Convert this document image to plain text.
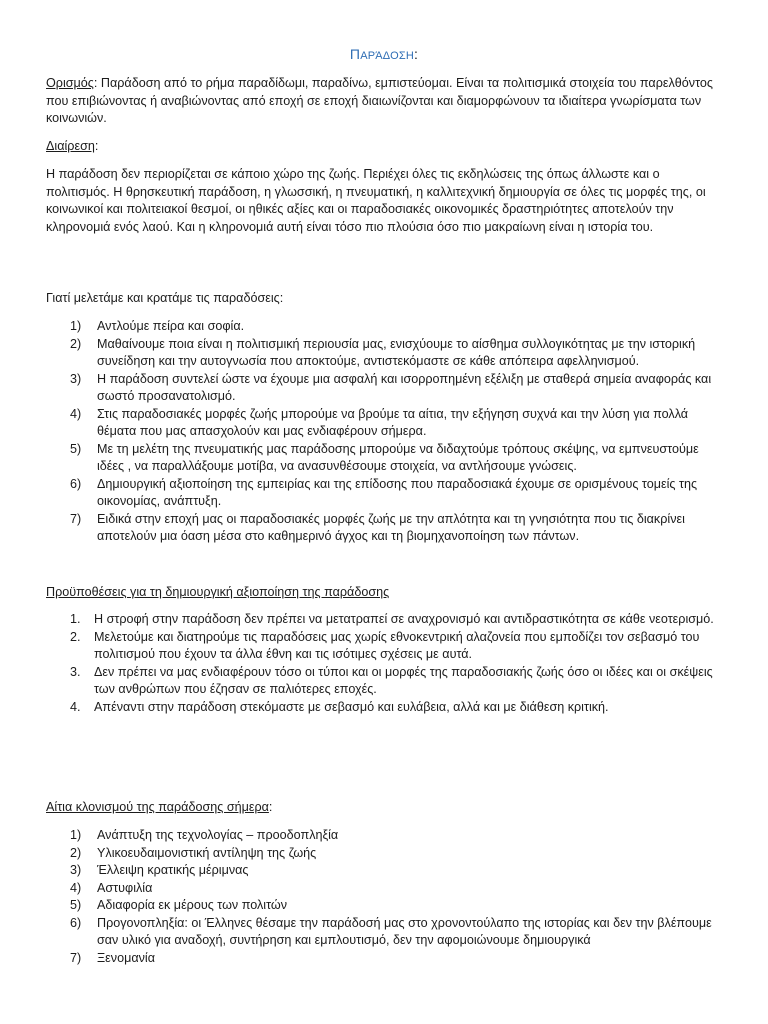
ΠΑΡΆΔΟΣΗ:

Ορισμός: Παράδοση από το ρήμα παραδίδωμι, παραδίνω, εμπιστεύομαι. Είναι τα πολιτισμικά στοιχεία του παρελθόντος που επιβιώνοντας ή αναβιώνοντας από εποχή σε εποχή διαιωνίζονται και διαμορφώνουν τα ιδιαίτερα γνωρίσματα των κοινωνιών.

Διαίρεση:

Η παράδοση δεν περιορίζεται σε κάποιο χώρο της ζωής. Περιέχει όλες τις εκδηλώσεις της όπως άλλωστε και ο πολιτισμός. Η θρησκευτική παράδοση, η γλωσσική, η πνευματική, η καλλιτεχνική δημιουργία σε όλες τις μορφές της, οι κοινωνικοί και πολιτειακοί θεσμοί, οι ηθικές αξίες και οι παραδοσιακές οικονομικές δραστηριότητες αποτελούν την κληρονομιά ενός λαού. Και η κληρονομιά αυτή είναι τόσο πιο πλούσια όσο πιο μακραίωνη είναι η ιστορία του.

Γιατί μελετάμε και κρατάμε τις παραδόσεις:

1) Αντλούμε πείρα και σοφία.
2) Μαθαίνουμε ποια είναι η πολιτισμική περιουσία μας, ενισχύουμε το αίσθημα συλλογικότητας με την ιστορική συνείδηση και την αυτογνωσία που αποκτούμε, αντιστεκόμαστε σε κάθε απόπειρα αφελληνισμού.
3) Η παράδοση συντελεί ώστε να έχουμε μια ασφαλή και ισορροπημένη εξέλιξη με σταθερά σημεία αναφοράς και σωστό προσανατολισμό.
4) Στις παραδοσιακές μορφές ζωής μπορούμε να βρούμε τα αίτια, την εξήγηση συχνά και την λύση για πολλά θέματα που μας απασχολούν και μας ενδιαφέρουν σήμερα.
5) Με τη μελέτη της πνευματικής μας παράδοσης μπορούμε να διδαχτούμε τρόπους σκέψης, να εμπνευστούμε ιδέες , να παραλλάξουμε μοτίβα, να ανασυνθέσουμε στοιχεία, να αντλήσουμε γνώσεις.
6) Δημιουργική αξιοποίηση της εμπειρίας και της επίδοσης που παραδοσιακά έχουμε σε ορισμένους τομείς της οικονομίας, ανάπτυξη.
7) Ειδικά στην εποχή μας οι παραδοσιακές μορφές ζωής με την απλότητα και τη γνησιότητα που τις διακρίνει αποτελούν μια όαση μέσα στο καθημερινό άγχος και τη βιομηχανοποίηση των πάντων.

Προϋποθέσεις για τη δημιουργική αξιοποίηση της παράδοσης

1. Η στροφή στην παράδοση δεν πρέπει να μετατραπεί σε αναχρονισμό και αντιδραστικότητα σε κάθε νεοτερισμό.
2. Μελετούμε και διατηρούμε τις παραδόσεις μας χωρίς εθνοκεντρική αλαζονεία που εμποδίζει τον σεβασμό του πολιτισμού που έχουν τα άλλα έθνη και τις ισότιμες σχέσεις με αυτά.
3. Δεν πρέπει να μας ενδιαφέρουν τόσο οι τύποι και οι μορφές της παραδοσιακής ζωής όσο οι ιδέες και οι σκέψεις των ανθρώπων που έζησαν σε παλιότερες εποχές.
4. Απέναντι στην παράδοση στεκόμαστε με σεβασμό και ευλάβεια, αλλά και με διάθεση κριτική.

Αίτια κλονισμού της παράδοσης σήμερα:

1) Ανάπτυξη της τεχνολογίας – προοδοπληξία
2) Υλικοευδαιμονιστική αντίληψη της ζωής
3) Έλλειψη κρατικής μέριμνας
4) Αστυφιλία
5) Αδιαφορία εκ μέρους των πολιτών
6) Προγονοπληξία: οι Έλληνες θέσαμε την παράδοσή μας στο χρονοντούλαπο της ιστορίας και δεν την βλέπουμε σαν υλικό για αναδοχή, συντήρηση και εμπλουτισμό, δεν την αφομοιώνουμε δημιουργικά
7) Ξενομανία
